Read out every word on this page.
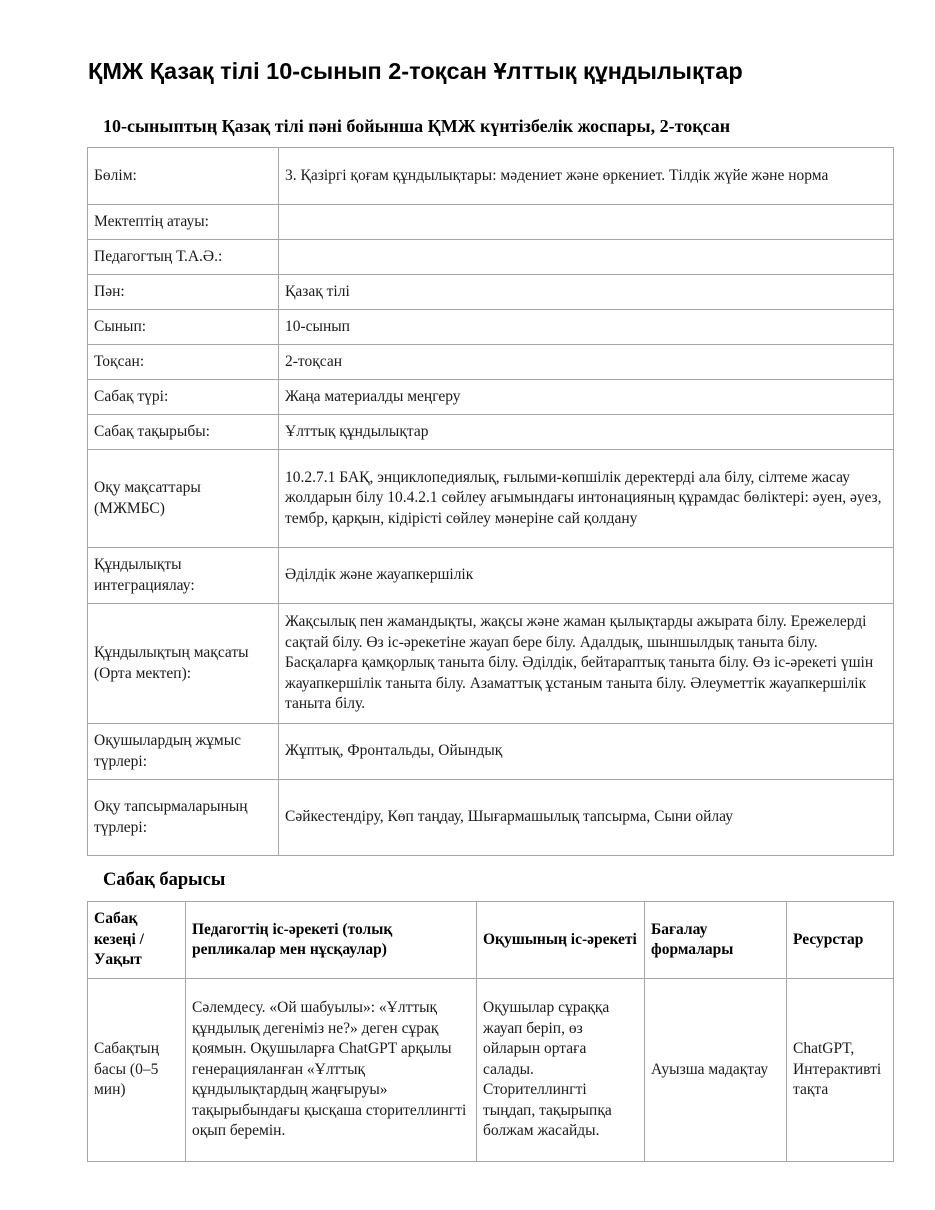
ҚМЖ Қазақ тілі 10-сынып 2-тоқсан Ұлттық құндылықтар
10-сыныптың Қазақ тілі пәні бойынша ҚМЖ күнтізбелік жоспары, 2-тоқсан
Бөлім:	3. Қазіргі қоғам құндылықтары: мәдениет және өркениет. Тілдік жүйе және норма
Мектептің атауы:	
Педагогтың Т.А.Ә.:	
Пән:	Қазақ тілі
Сынып:	10-сынып
Тоқсан:	2-тоқсан
Сабақ түрі:	Жаңа материалды меңгеру
Сабақ тақырыбы:	Ұлттық құндылықтар
Оқу мақсаттары (МЖМБС)	10.2.7.1 БАҚ, энциклопедиялық, ғылыми-көпшілік деректерді ала білу, сілтеме жасау жолдарын білу 10.4.2.1 сөйлеу ағымындағы интонацияның құрамдас бөліктері: әуен, әуез, тембр, қарқын, кідірісті сөйлеу мәнеріне сай қолдану
Құндылықты интеграциялау:	Әділдік және жауапкершілік
Құндылықтың мақсаты (Орта мектеп):	Жақсылық пен жамандықты, жақсы және жаман қылықтарды ажырата білу. Ережелерді сақтай білу. Өз іс-әрекетіне жауап бере білу. Адалдық, шыншылдық танытa білу. Басқаларға қамқорлық танытa білу. Әділдік, бейтараптық танытa білу. Өз іс-әрекеті үшін жауапкершілік танытa білу. Азаматтық ұстаным танытa білу. Әлеуметтік жауапкершілік танытa білу.
Оқушылардың жұмыс түрлері:	Жұптық, Фронтальды, Ойындық
Оқу тапсырмаларының түрлері:	Сәйкестендіру, Көп таңдау, Шығармашылық тапсырма, Сыни ойлау
Сабақ барысы
Сабақ кезеңі / Уақыт	Педагогтің іс-әрекеті (толық репликалар мен нұсқаулар)	Оқушының іс-әрекеті	Бағалау формалары	Ресурстар
Сабақтың басы (0–5 мин)	Сәлемдесу. «Ой шабуылы»: «Ұлттық құндылық дегеніміз не?» деген сұрақ қоямын. Оқушыларға ChatGPT арқылы генерацияланған «Ұлттық құндылықтардың жаңғыруы» тақырыбындағы қысқаша сторителлингті оқып беремін.	Оқушылар сұраққа жауап беріп, өз ойларын ортаға салады. Сторителлингті тыңдап, тақырыпқа болжам жасайды.	Ауызша мадақтау	ChatGPT, Интерактивті тақта
